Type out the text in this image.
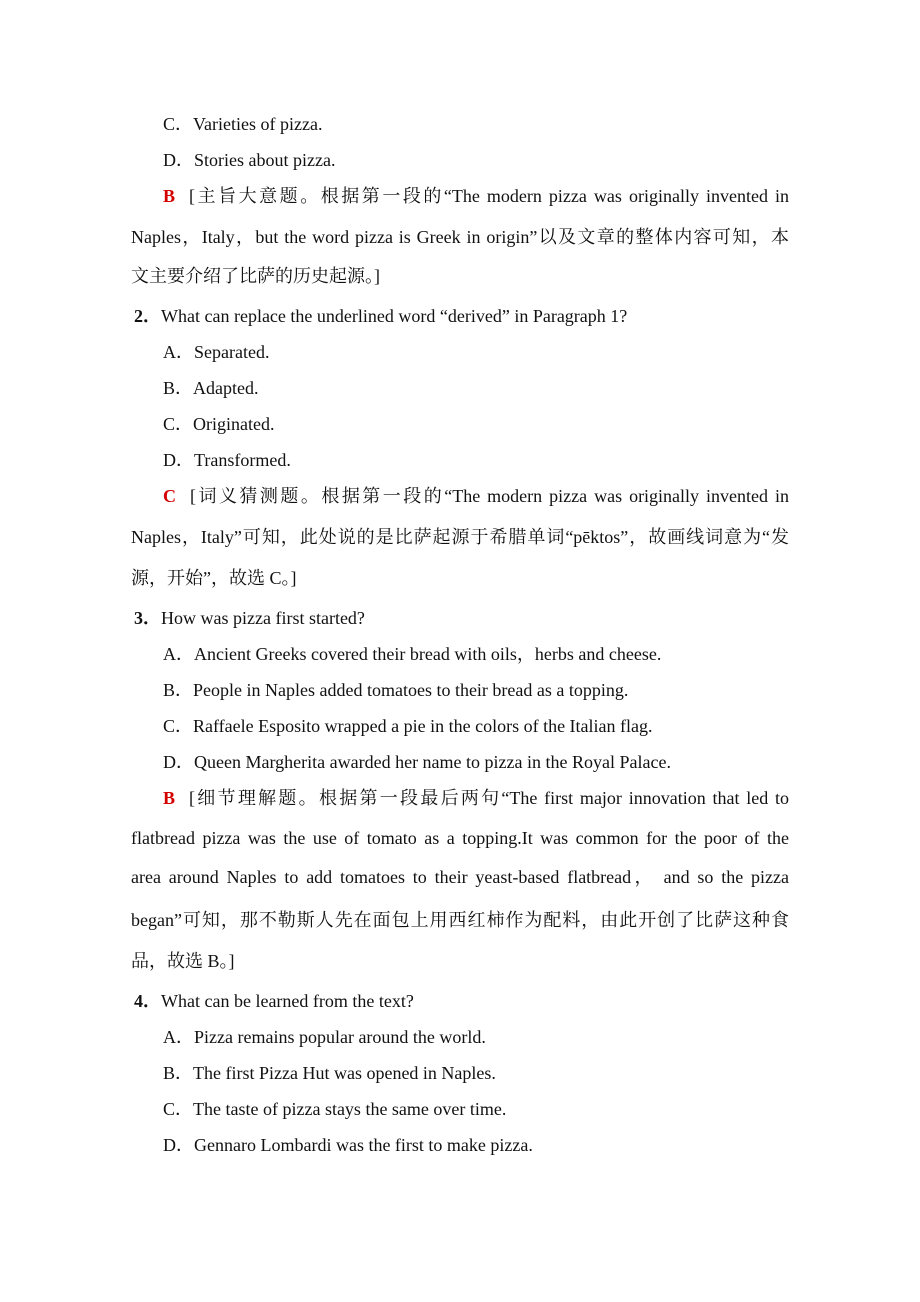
C．Varieties of pizza.
D．Stories about pizza.
B [主旨大意题。根据第一段的“The modern pizza was originally invented in
Naples，Italy，but the word pizza is Greek in origin”以及文章的整体内容可知，本
文主要介绍了比萨的历史起源。]
2．What can replace the underlined word “derived” in Paragraph 1?
A．Separated.
B．Adapted.
C．Originated.
D．Transformed.
C [词义猜测题。根据第一段的“The modern pizza was originally invented in
Naples，Italy”可知，此处说的是比萨起源于希腊单词“pēktos”，故画线词意为“发
源，开始”，故选 C。]
3．How was pizza first started?
A．Ancient Greeks covered their bread with oils，herbs and cheese.
B．People in Naples added tomatoes to their bread as a topping.
C．Raffaele Esposito wrapped a pie in the colors of the Italian flag.
D．Queen Margherita awarded her name to pizza in the Royal Palace.
B [细节理解题。根据第一段最后两句“The first major innovation that led to
flatbread pizza was the use of tomato as a topping.It was common for the poor of the
area around Naples to add tomatoes to their yeast-based flatbread， and so the pizza
began”可知，那不勒斯人先在面包上用西红柿作为配料，由此开创了比萨这种食
品，故选 B。]
4．What can be learned from the text?
A．Pizza remains popular around the world.
B．The first Pizza Hut was opened in Naples.
C．The taste of pizza stays the same over time.
D．Gennaro Lombardi was the first to make pizza.
